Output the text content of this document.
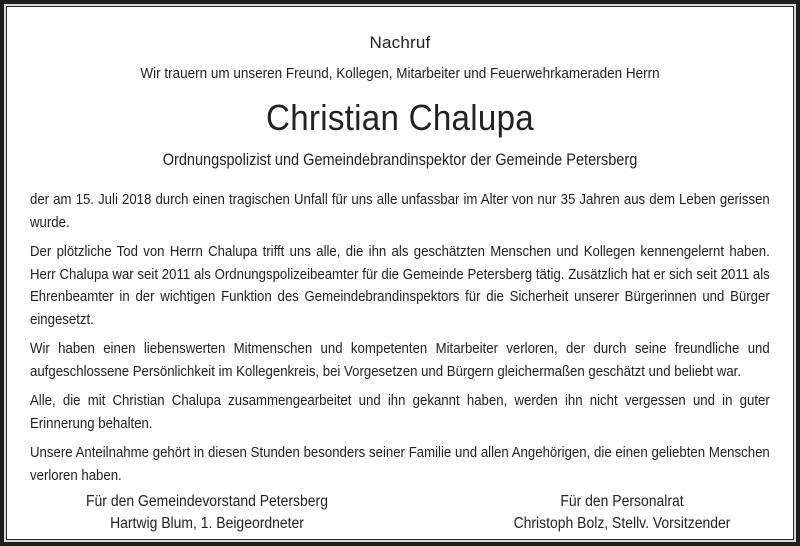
Nachruf
Wir trauern um unseren Freund, Kollegen, Mitarbeiter und Feuerwehrkameraden Herrn
Christian Chalupa
Ordnungspolizist und Gemeindebrandinspektor der Gemeinde Petersberg

der am 15. Juli 2018 durch einen tragischen Unfall für uns alle unfassbar im Alter von nur 35 Jahren aus dem Leben gerissen wurde.

Der plötzliche Tod von Herrn Chalupa trifft uns alle, die ihn als geschätzten Menschen und Kollegen kennengelernt haben. Herr Chalupa war seit 2011 als Ordnungspolizeibeamter für die Gemeinde Petersberg tätig. Zusätzlich hat er sich seit 2011 als Ehrenbeamter in der wichtigen Funktion des Gemeindebrandinspektors für die Sicherheit unserer Bürgerinnen und Bürger eingesetzt.

Wir haben einen liebenswerten Mitmenschen und kompetenten Mitarbeiter verloren, der durch seine freundliche und aufgeschlossene Persönlichkeit im Kollegenkreis, bei Vorgesetzen und Bürgern gleichermaßen geschätzt und beliebt war.

Alle, die mit Christian Chalupa zusammengearbeitet und ihn gekannt haben, werden ihn nicht vergessen und in guter Erinnerung behalten.

Unsere Anteilnahme gehört in diesen Stunden besonders seiner Familie und allen Angehörigen, die einen geliebten Menschen verloren haben.

Für den Gemeindevorstand Petersberg
Hartwig Blum, 1. Beigeordneter
Für den Personalrat
Christoph Bolz, Stellv. Vorsitzender
